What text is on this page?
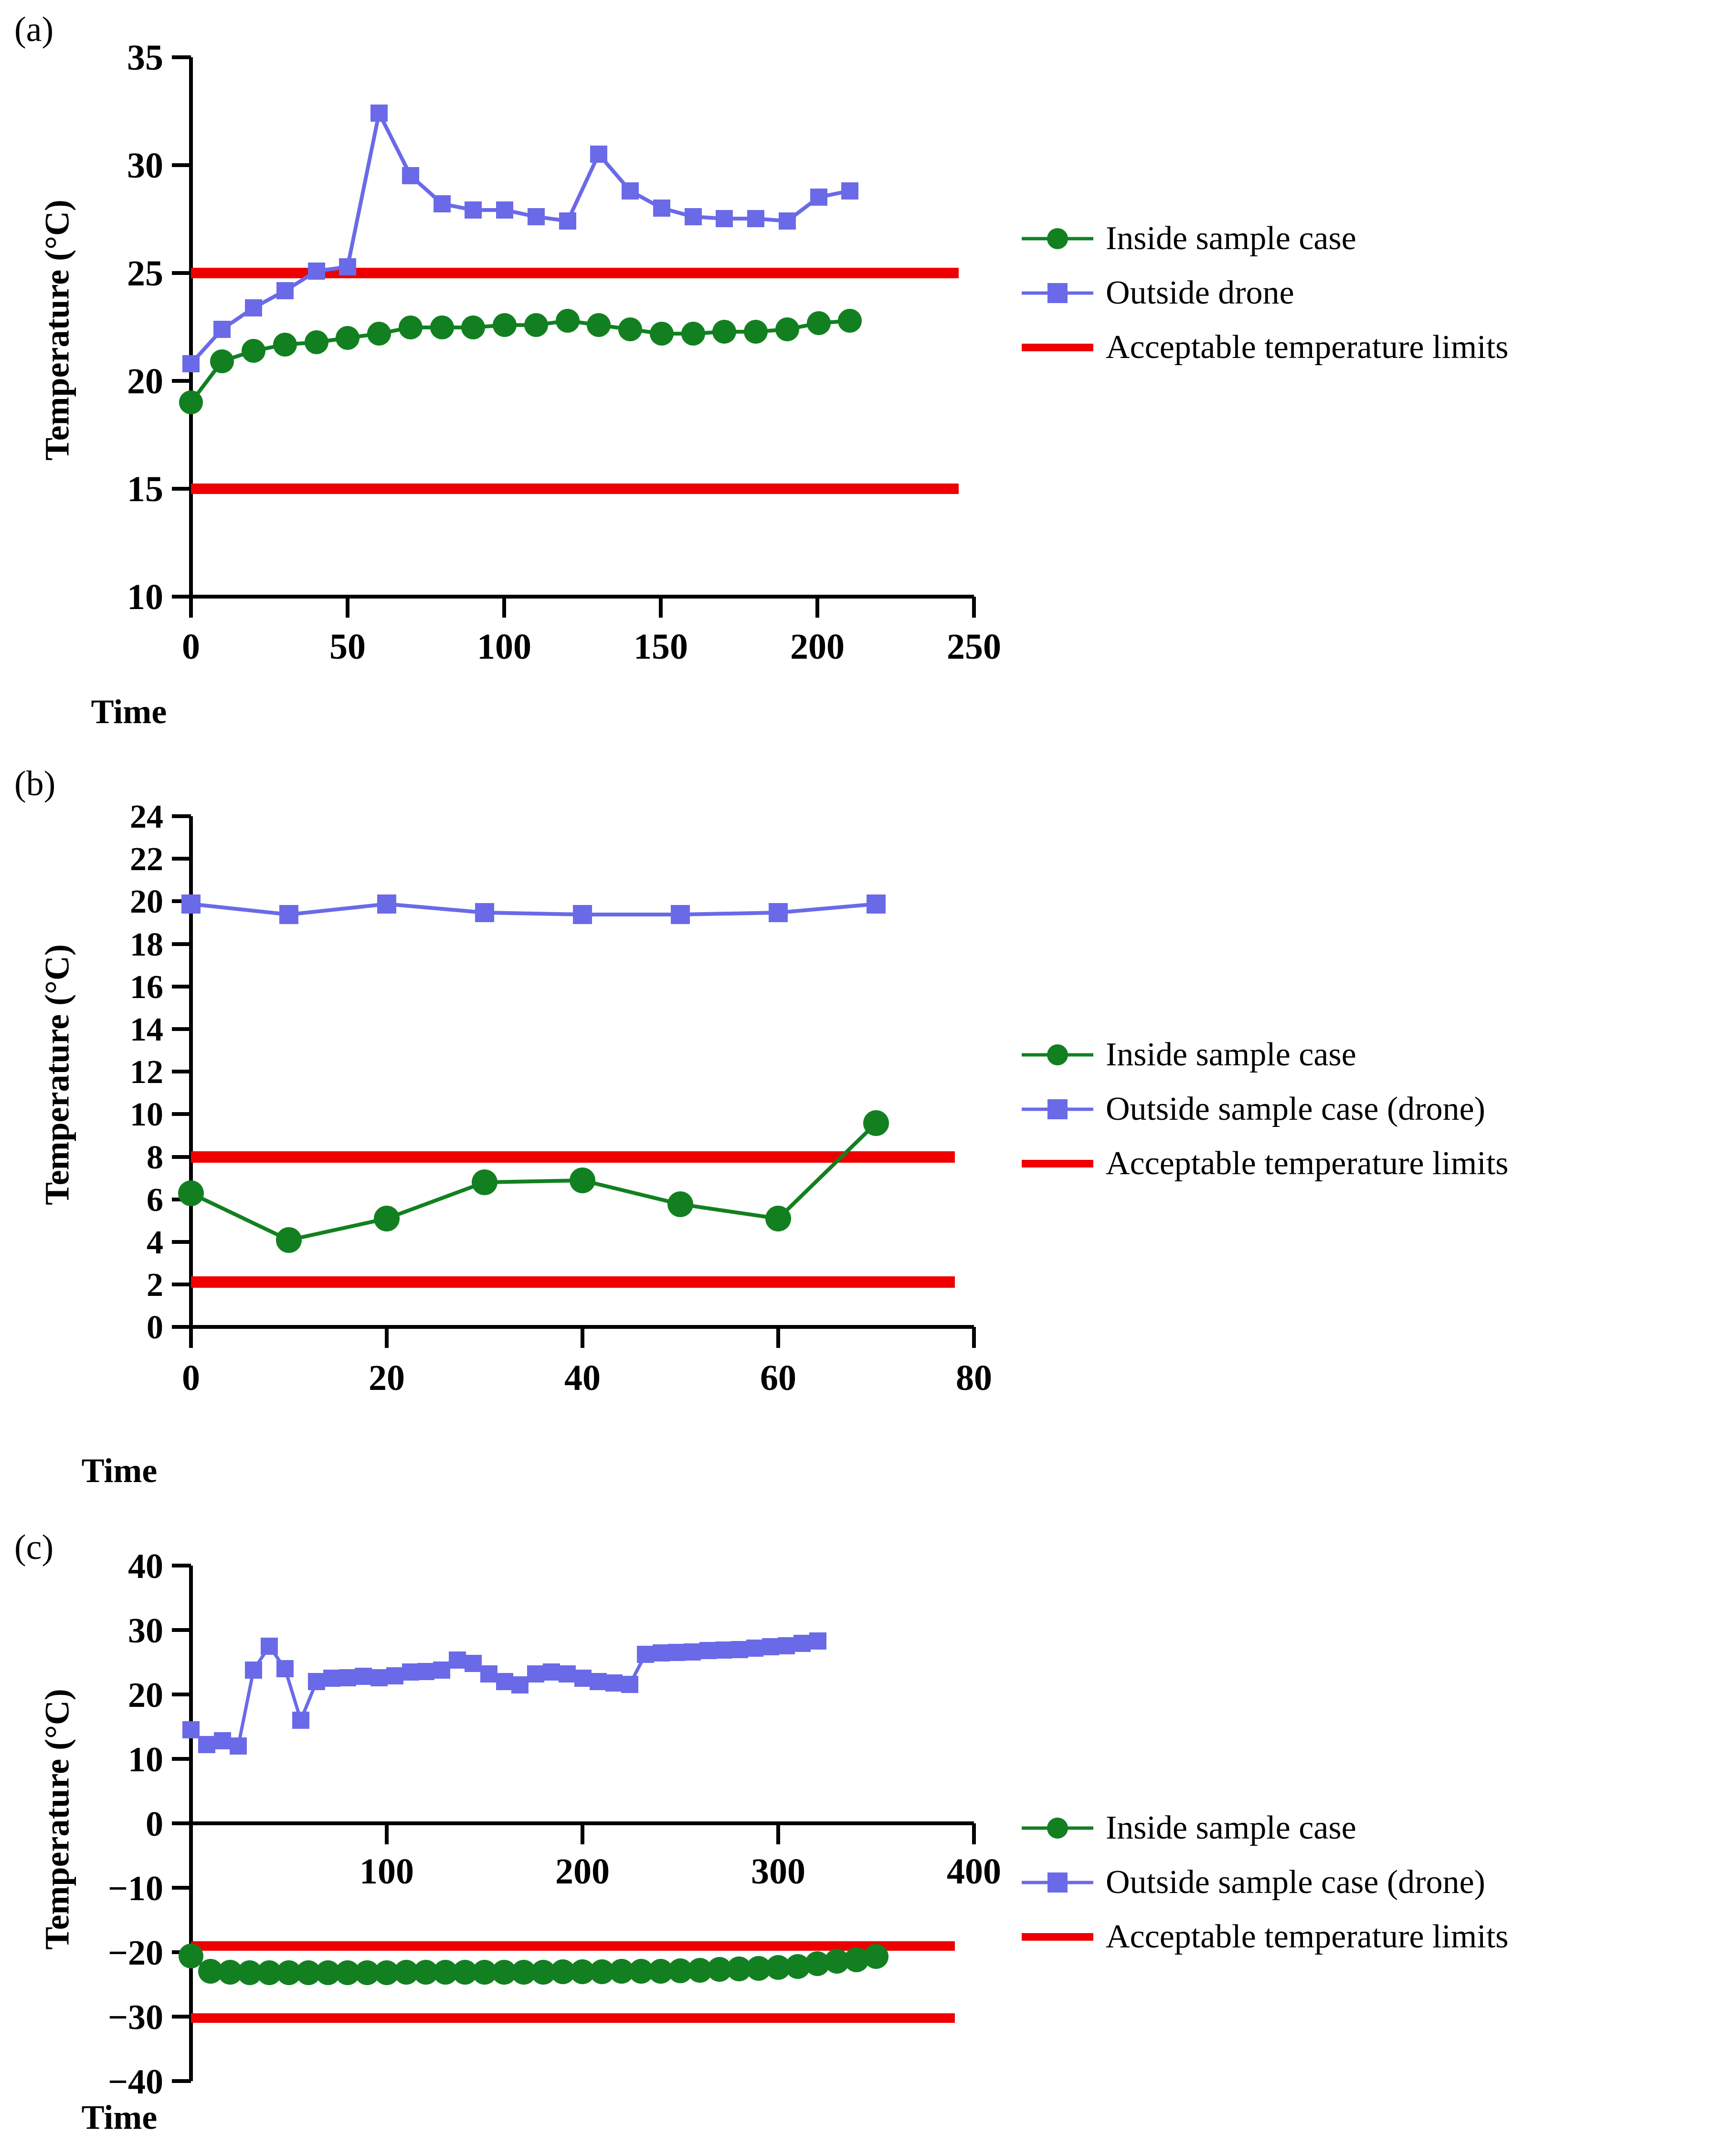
(a)
10
15
20
25
30
35
0	50	100	150	200	250
Temperature (°C)
Time
Inside sample case
Outside drone
Acceptable temperature limits
(b)
0
2
4
6
8
10
12
14
16
18
20
22
24
0	20	40	60	80
Temperature (°C)
Time
Inside sample case
Outside sample case (drone)
Acceptable temperature limits
(c) 40
20
0
−20
−40
30
10
−10
−30
100	200	300	400
Temperature (°C)
Time
Inside sample case
Outside sample case (drone)
Acceptable temperature limits
